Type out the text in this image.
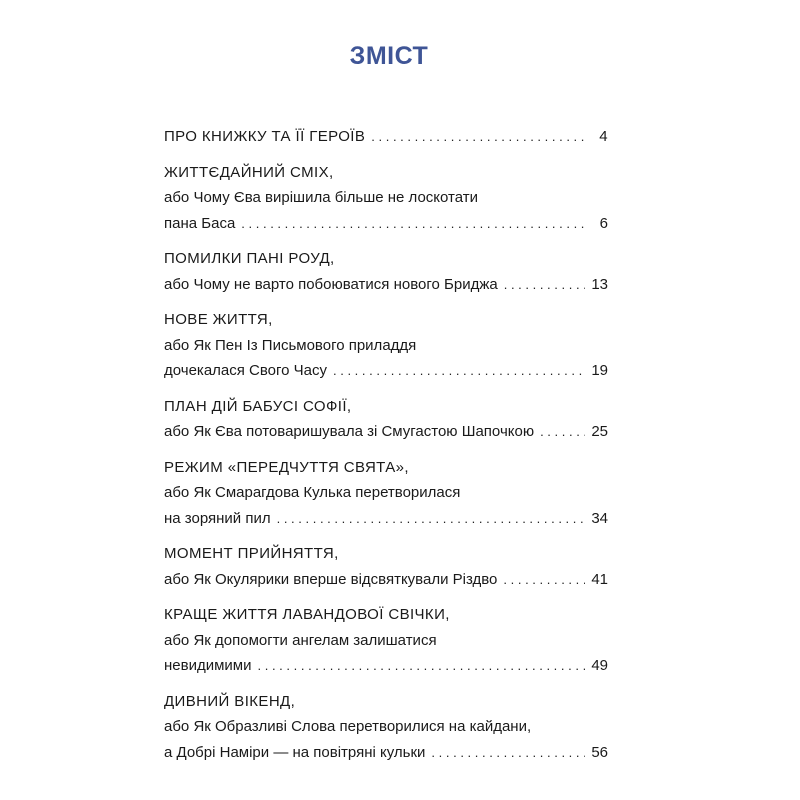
ЗМІСТ
ПРО КНИЖКУ ТА ЇЇ ГЕРОЇВ . . .	4
ЖИТТЄДАЙНИЙ СМІХ,
або Чому Єва вирішила більше не лоскотати
пана Баса . . .	6
ПОМИЛКИ ПАНІ РОУД,
або Чому не варто побоюватися нового Бриджа . . .	13
НОВЕ ЖИТТЯ,
або Як Пен Із Письмового приладдя
дочекалася Свого Часу . . .	19
ПЛАН ДІЙ БАБУСІ СОФІЇ,
або Як Єва потоваришувала зі Смугастою Шапочкою . . .	25
РЕЖИМ «ПЕРЕДЧУТТЯ СВЯТА»,
або Як Смарагдова Кулька перетворилася
на зоряний пил . . .	34
МОМЕНТ ПРИЙНЯТТЯ,
або Як Окулярики вперше відсвяткували Різдво . . .	41
КРАЩЕ ЖИТТЯ ЛАВАНДОВОЇ СВІЧКИ,
або Як допомогти ангелам залишатися
невидимими . . .	49
ДИВНИЙ ВІКЕНД,
або Як Образливі Слова перетворилися на кайдани,
а Добрі Наміри — на повітряні кульки . . .	56
